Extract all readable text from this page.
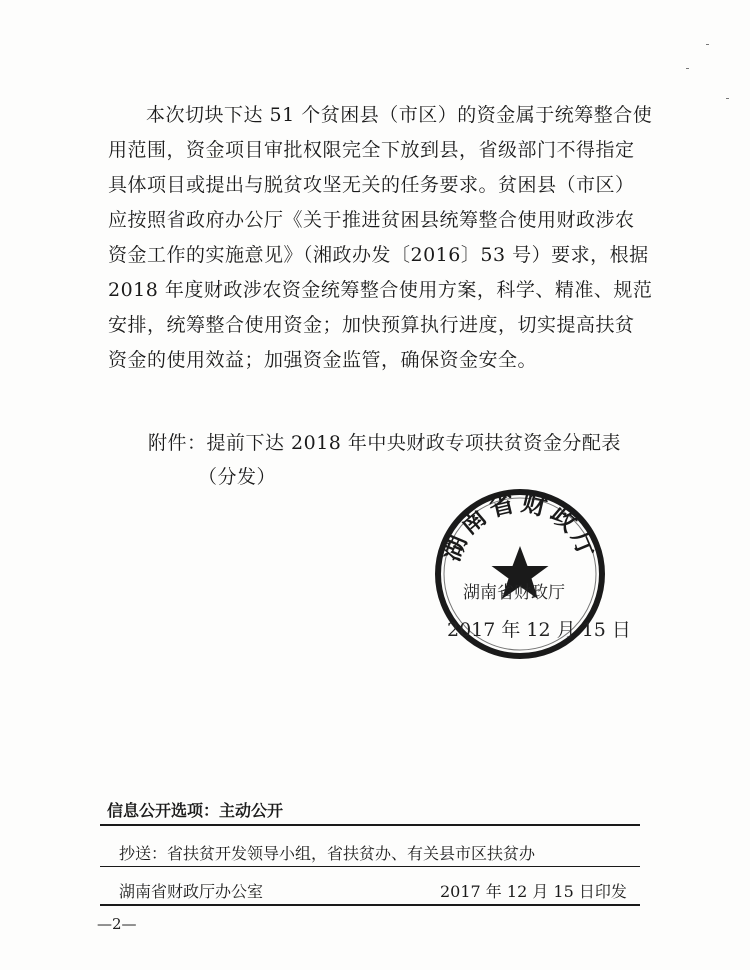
本次切块下达 51 个贫困县（市区）的资金属于统筹整合使
用范围，资金项目审批权限完全下放到县，省级部门不得指定
具体项目或提出与脱贫攻坚无关的任务要求。贫困县（市区）
应按照省政府办公厅《关于推进贫困县统筹整合使用财政涉农
资金工作的实施意见》（湘政办发〔2016〕53 号）要求，根据
2018 年度财政涉农资金统筹整合使用方案，科学、精准、规范
安排，统筹整合使用资金；加快预算执行进度，切实提高扶贫
资金的使用效益；加强资金监管，确保资金安全。
附件：提前下达 2018 年中央财政专项扶贫资金分配表
（分发）
湖南省财政厅
湖南省财政厅
2017 年 12 月 15 日
信息公开选项：主动公开
抄送：省扶贫开发领导小组，省扶贫办、有关县市区扶贫办
湖南省财政厅办公室	2017 年 12 月 15 日印发
—2—
